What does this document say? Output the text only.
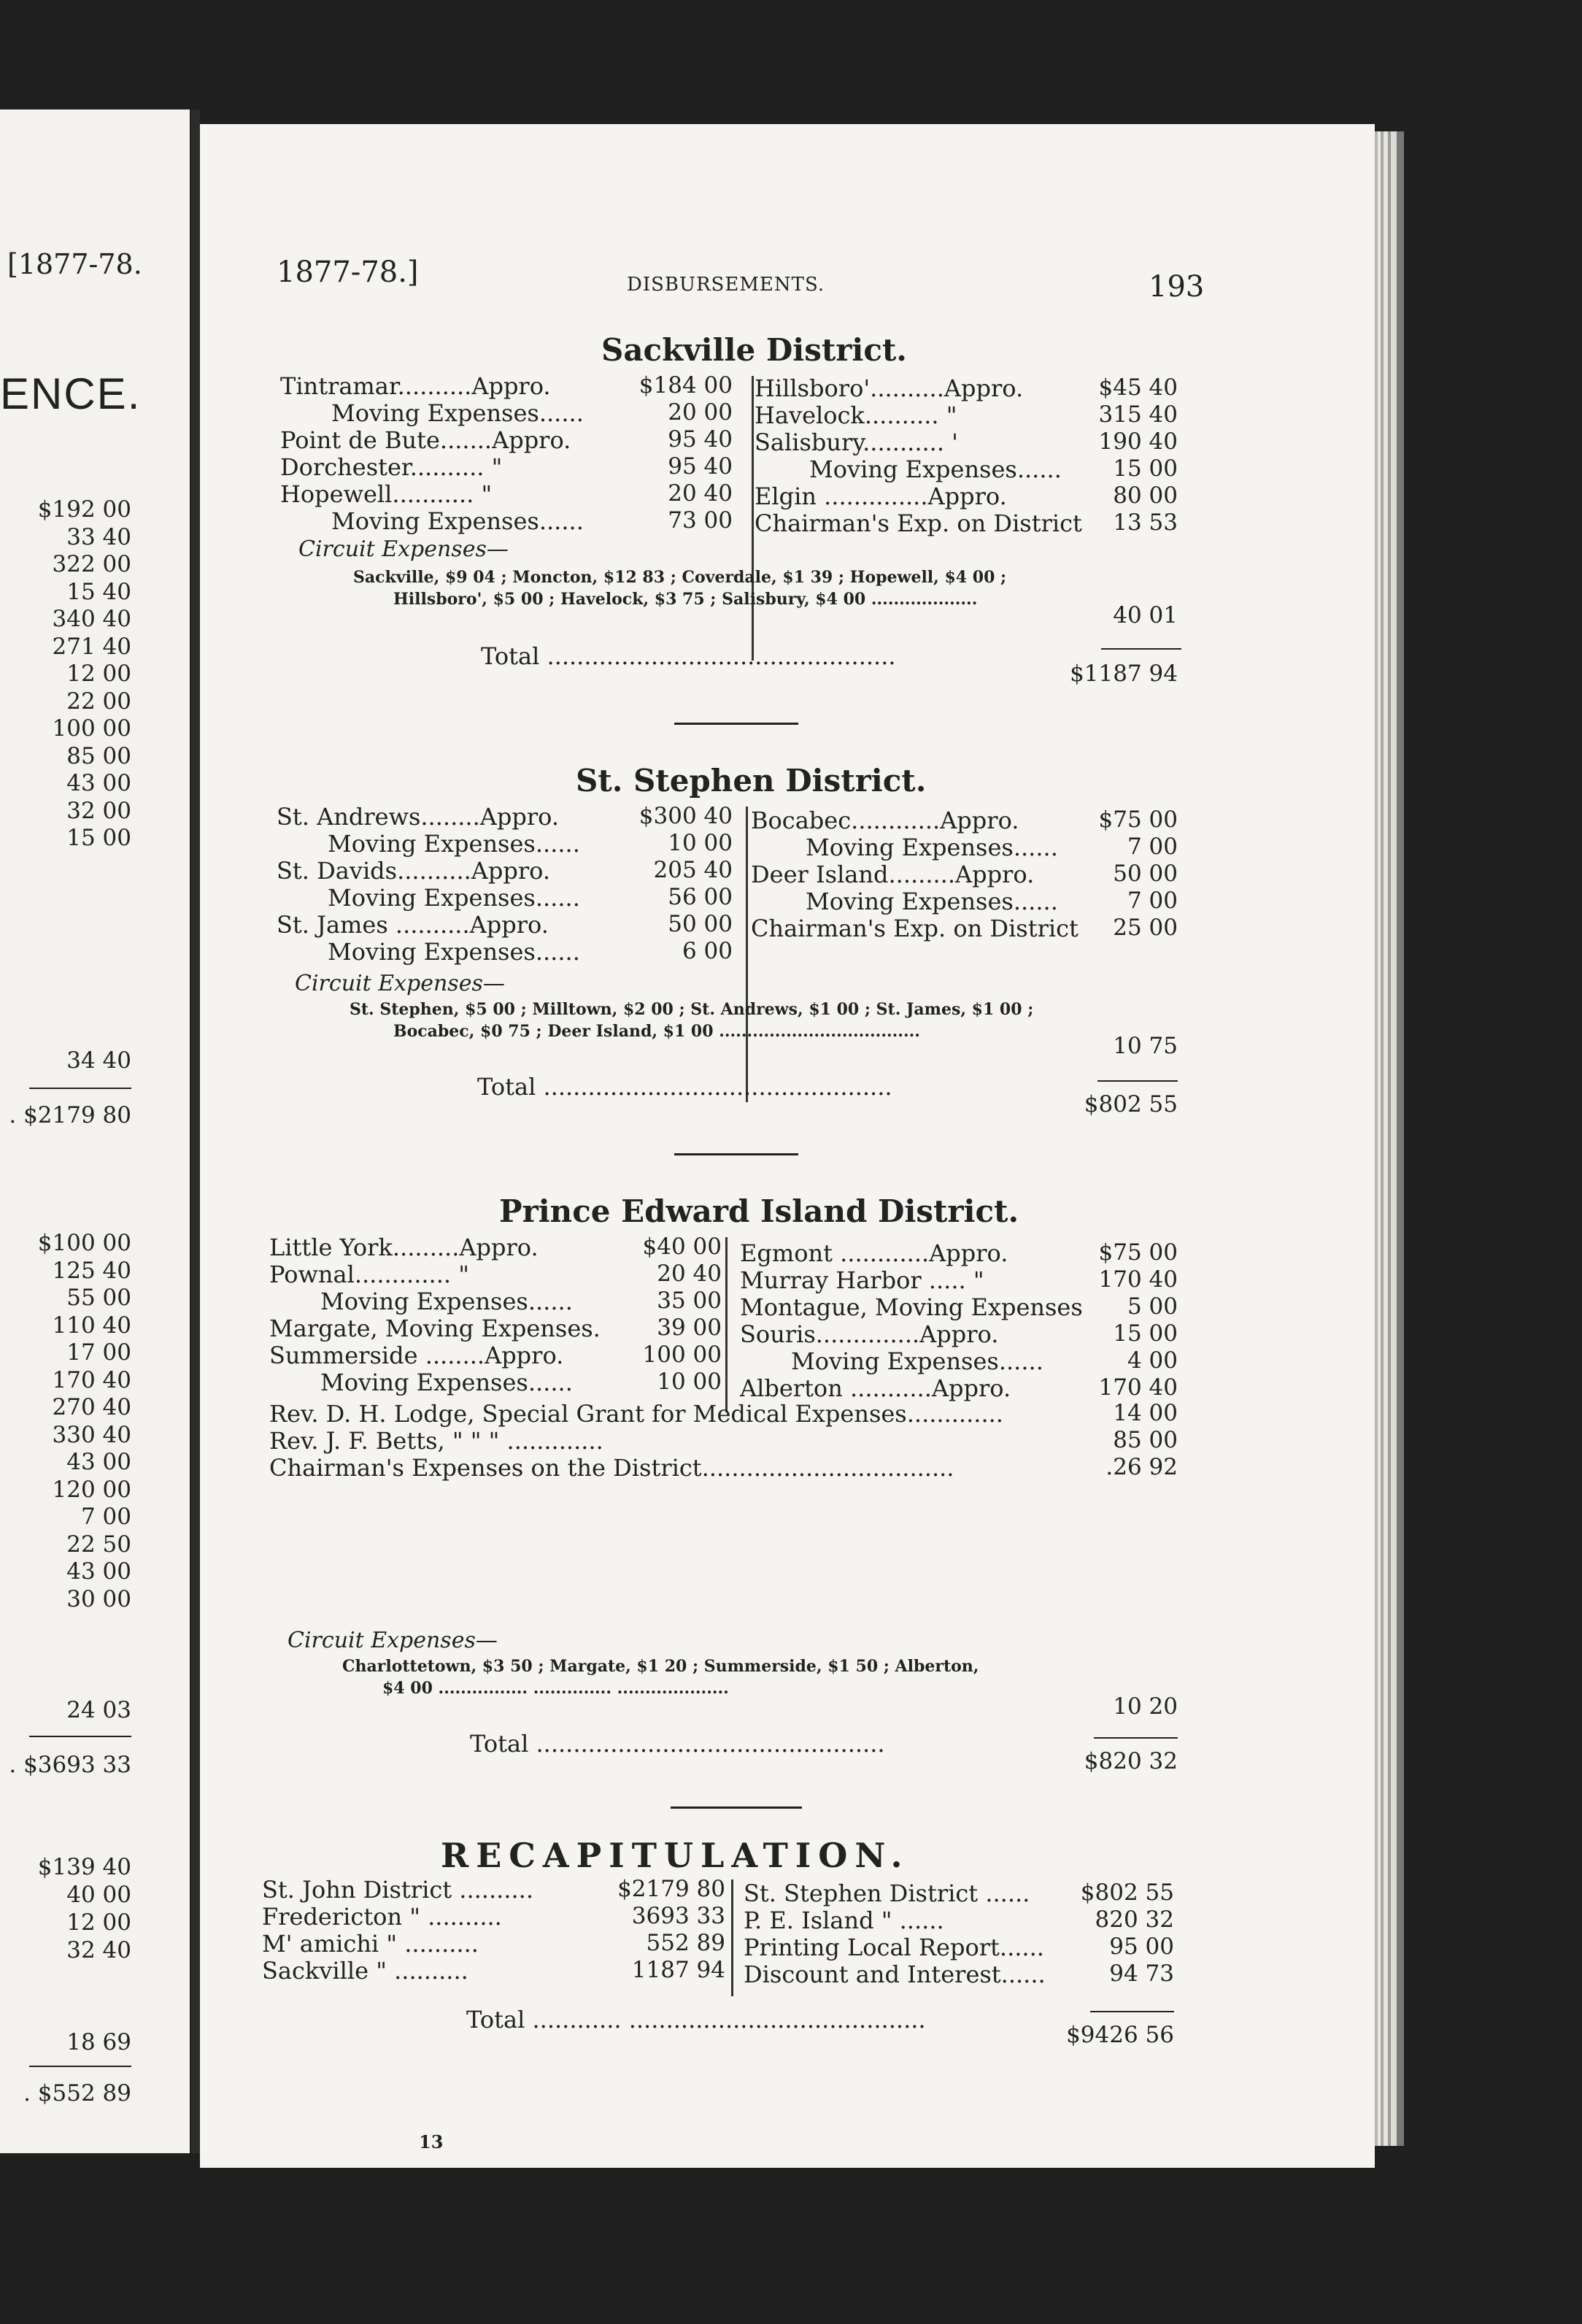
[1877-78.
ENCE.
$192 00
33 40
322 00
15 40
340 40
271 40
12 00
22 00
100 00
85 00
43 00
32 00
15 00
34 40
. $2179 80
$100 00
125 40
55 00
110 40
17 00
170 40
270 40
330 40
43 00
120 00
7 00
22 50
43 00
30 00
24 03
. $3693 33
$139 40
40 00
12 00
32 40
18 69
. $552 89
1877-78.]	DISBURSEMENTS.	193
Sackville District.
Tintramar..........Appro.	$184 00
Moving Expenses......	20 00
Point de Bute.......Appro.	95 40
Dorchester.......... "	95 40
Hopewell........... "	20 40
Moving Expenses......	73 00
Hillsboro'..........Appro.	$45 40
Havelock.......... "	315 40
Salisbury........... '	190 40
Moving Expenses......	15 00
Elgin ..............Appro.	80 00
Chairman's Exp. on District	13 53
Circuit Expenses—
Sackville, $9 04 ; Moncton, $12 83 ; Coverdale, $1 39 ; Hopewell, $4 00 ;
Hillsboro', $5 00 ; Havelock, $3 75 ; Salisbury, $4 00 ...................
40 01
Total ...............................................
$1187 94
St. Stephen District.
St. Andrews........Appro.	$300 40
Moving Expenses......	10 00
St. Davids..........Appro.	205 40
Moving Expenses......	56 00
St. James ..........Appro.	50 00
Moving Expenses......	6 00
Bocabec............Appro.	$75 00
Moving Expenses......	7 00
Deer Island.........Appro.	50 00
Moving Expenses......	7 00
Chairman's Exp. on District	25 00
Circuit Expenses—
St. Stephen, $5 00 ; Milltown, $2 00 ; St. Andrews, $1 00 ; St. James, $1 00 ;
Bocabec, $0 75 ; Deer Island, $1 00 ....................................
10 75
Total ...............................................
$802 55
Prince Edward Island District.
Little York.........Appro.	$40 00
Pownal............. "	20 40
Moving Expenses......	35 00
Margate, Moving Expenses.	39 00
Summerside ........Appro.	100 00
Moving Expenses......	10 00
Egmont ............Appro.	$75 00
Murray Harbor ..... "	170 40
Montague, Moving Expenses	5 00
Souris..............Appro.	15 00
Moving Expenses......	4 00
Alberton ...........Appro.	170 40
Rev. D. H. Lodge, Special Grant for Medical Expenses.............	14 00
Rev. J. F. Betts, " " " .............	85 00
Chairman's Expenses on the District..................................	.26 92
Circuit Expenses—
Charlottetown, $3 50 ; Margate, $1 20 ; Summerside, $1 50 ; Alberton,
$4 00 ................ .............. ....................
10 20
Total ...............................................
$820 32
RECAPITULATION.
St. John District ..........	$2179 80
Fredericton " ..........	3693 33
M' amichi " ..........	552 89
Sackville " ..........	1187 94
St. Stephen District ......	$802 55
P. E. Island " ......	820 32
Printing Local Report......	95 00
Discount and Interest......	94 73
Total ............ ........................................
$9426 56
13
